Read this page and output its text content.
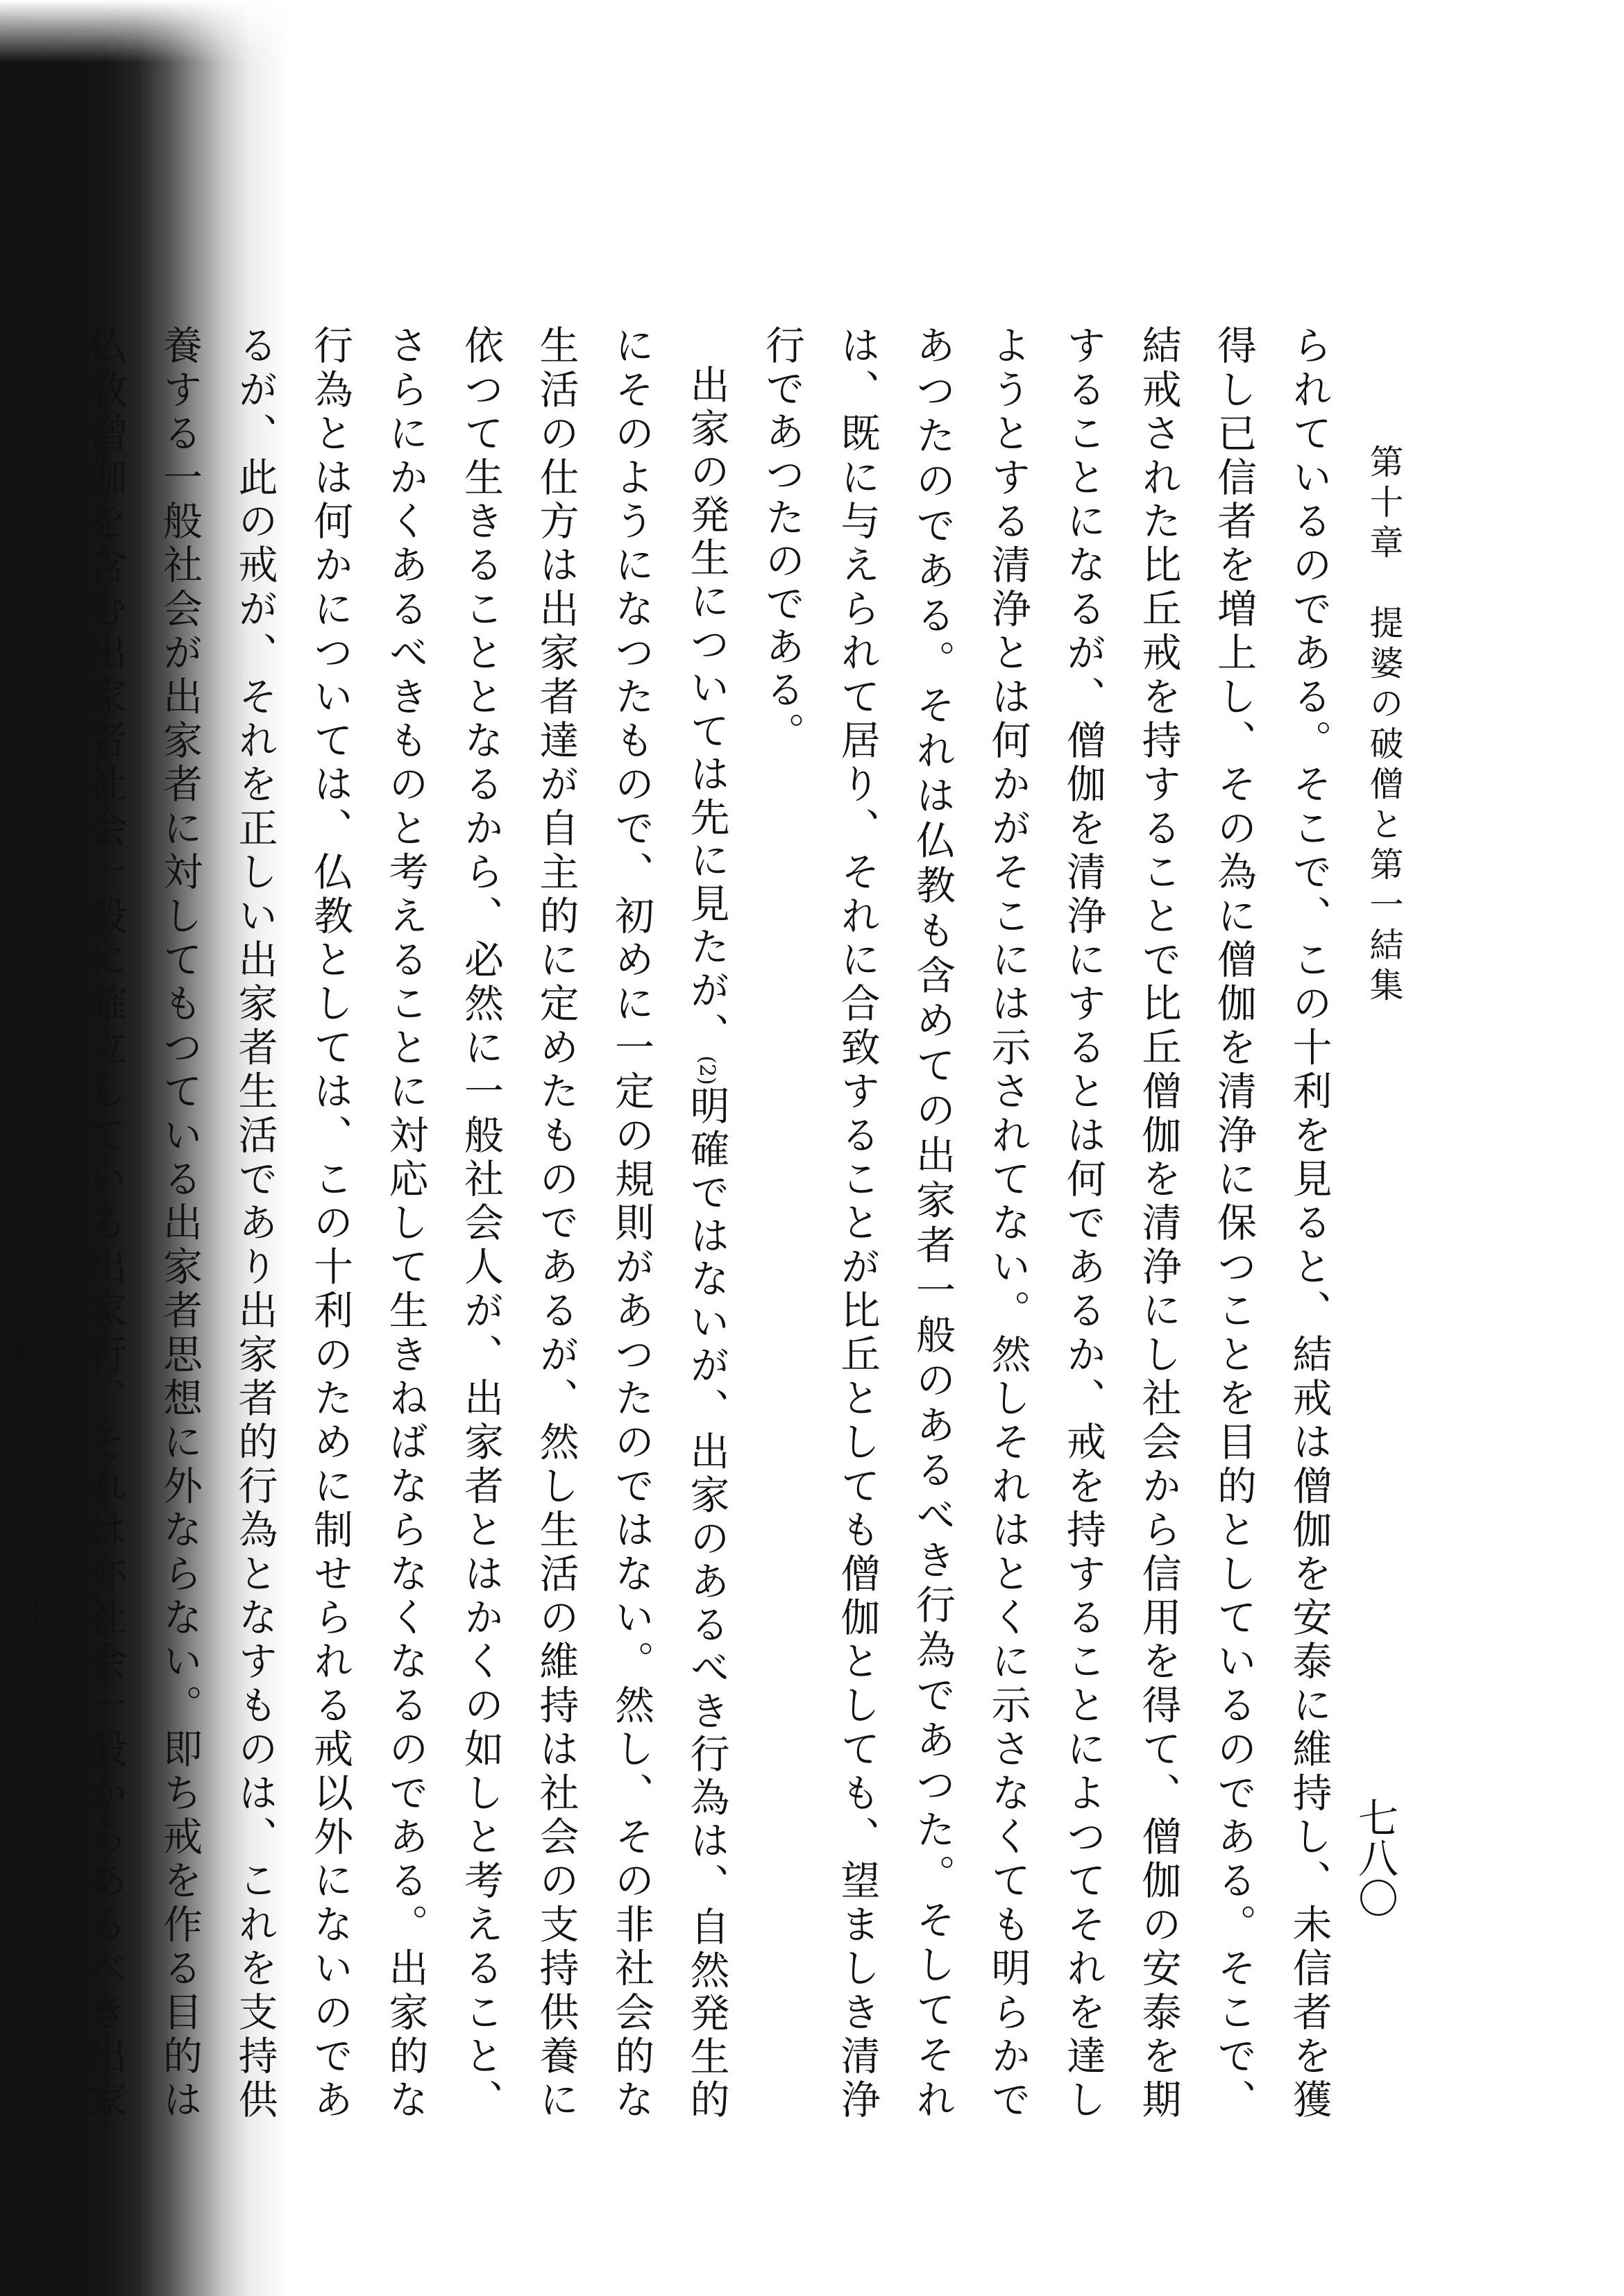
第十章　提婆の破僧と第一結集
七八〇

られているのである。そこで、この十利を見ると、結戒は僧伽を安泰に維持し、未信者を獲得し已信者を増上し、その為に僧伽を清浄に保つことを目的としているのである。そこで、結戒された比丘戒を持することで比丘僧伽を清浄にし社会から信用を得て、僧伽の安泰を期することになるが、僧伽を清浄にするとは何であるか、戒を持することによつてそれを達しようとする清浄とは何かがそこには示されてない。然しそれはとくに示さなくても明らかであつたのである。それは仏教も含めての出家者一般のあるべき行為であつた。そしてそれは、既に与えられて居り、それに合致することが比丘としても僧伽としても、望ましき清浄行であつたのである。

出家の発生については先に見たが、(2)明確ではないが、出家のあるべき行為は、自然発生的にそのようになつたもので、初めに一定の規則があつたのではない。然し、その非社会的な生活の仕方は出家者達が自主的に定めたものであるが、然し生活の維持は社会の支持供養に依つて生きることとなるから、必然に一般社会人が、出家者とはかくの如しと考えること、さらにかくあるべきものと考えることに対応して生きねばならなくなるのである。出家的な行為とは何かについては、仏教としては、この十利のために制せられる戒以外にないのであるが、此の戒が、それを正しい出家者生活であり出家者的行為となすものは、これを支持供養する一般社会が出家者に対してもつている出家者思想に外ならない。即ち戒を作る目的は仏教僧伽を含む出家者社会一般に確立している出家行、それは亦社会一般からあるべき出家生活として望まれている出家生活があつて、それに順ずる生活を比丘に行なわしめることで
